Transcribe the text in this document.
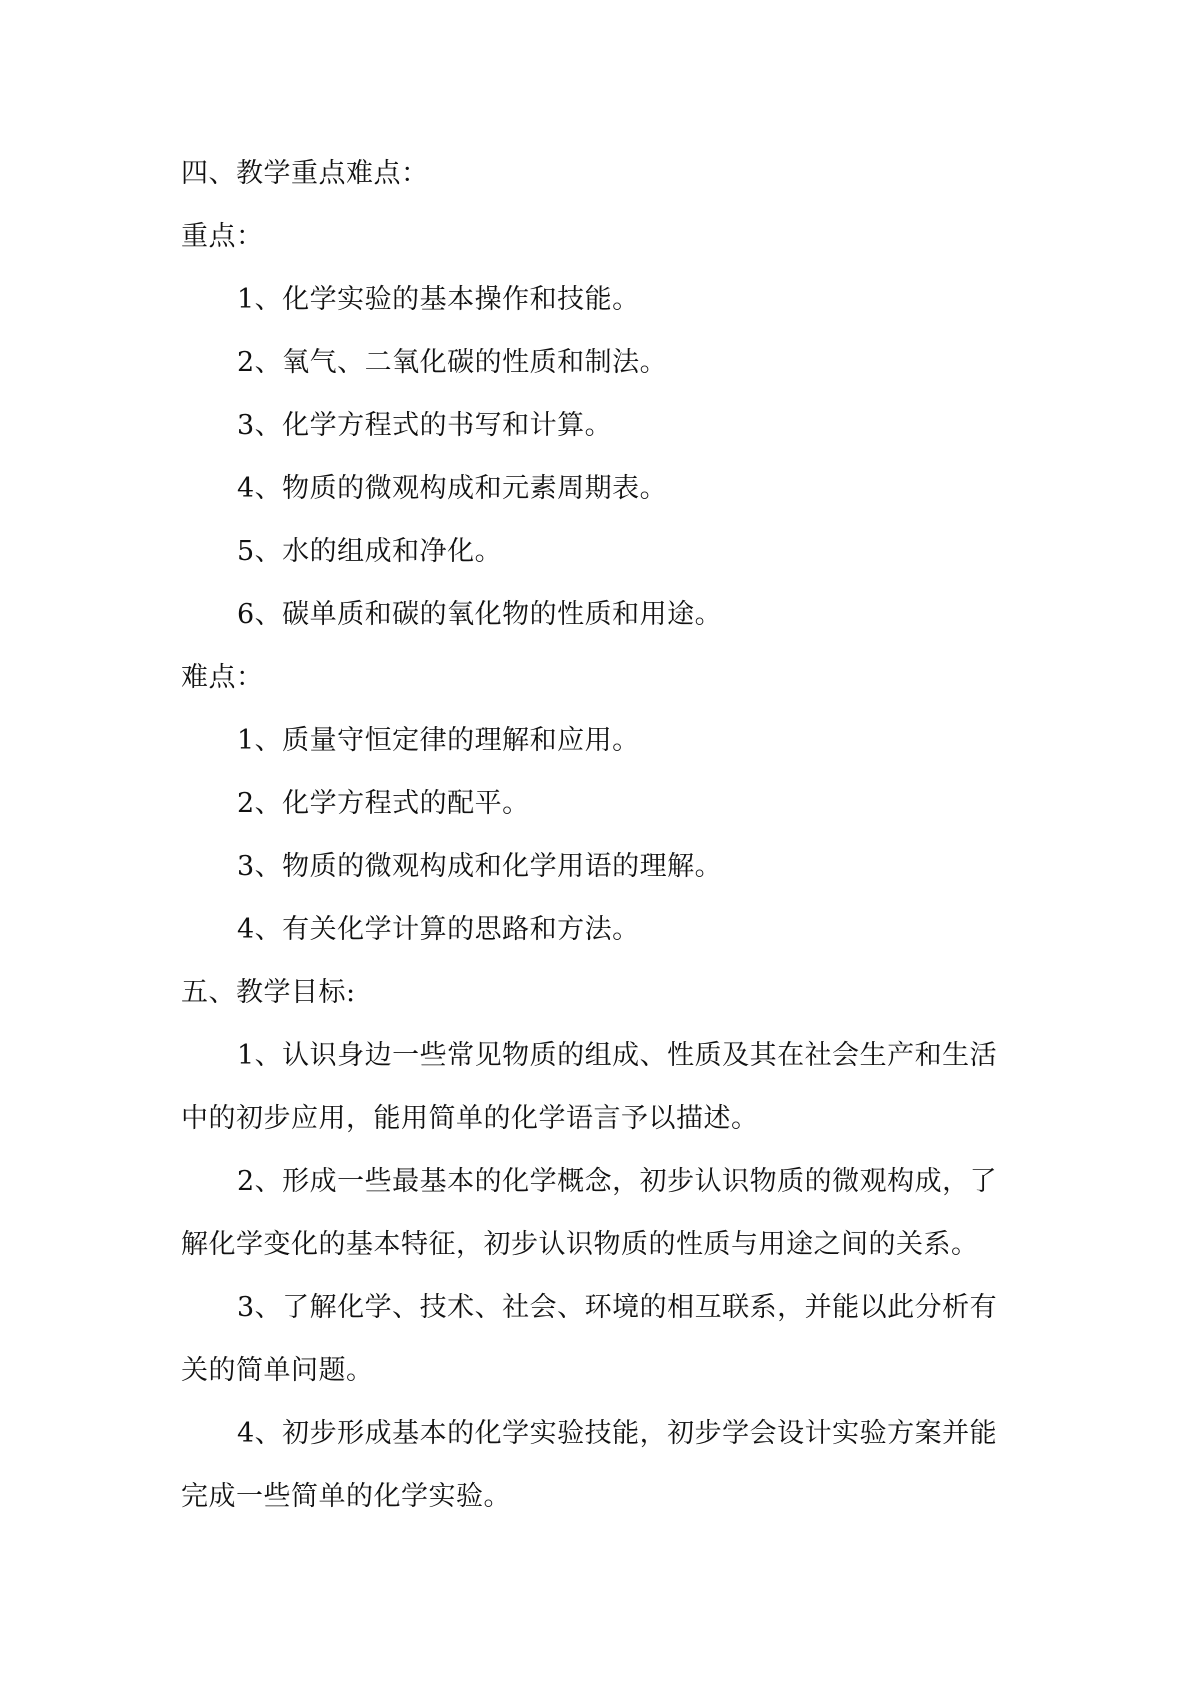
四、教学重点难点：
重点：
1、化学实验的基本操作和技能。
2、氧气、二氧化碳的性质和制法。
3、化学方程式的书写和计算。
4、物质的微观构成和元素周期表。
5、水的组成和净化。
6、碳单质和碳的氧化物的性质和用途。
难点：
1、质量守恒定律的理解和应用。
2、化学方程式的配平。
3、物质的微观构成和化学用语的理解。
4、有关化学计算的思路和方法。
五、教学目标:
1、认识身边一些常见物质的组成、性质及其在社会生产和生活
中的初步应用，能用简单的化学语言予以描述。
2、形成一些最基本的化学概念，初步认识物质的微观构成，了
解化学变化的基本特征，初步认识物质的性质与用途之间的关系。
3、了解化学、技术、社会、环境的相互联系，并能以此分析有
关的简单问题。
4、初步形成基本的化学实验技能，初步学会设计实验方案并能
完成一些简单的化学实验。
